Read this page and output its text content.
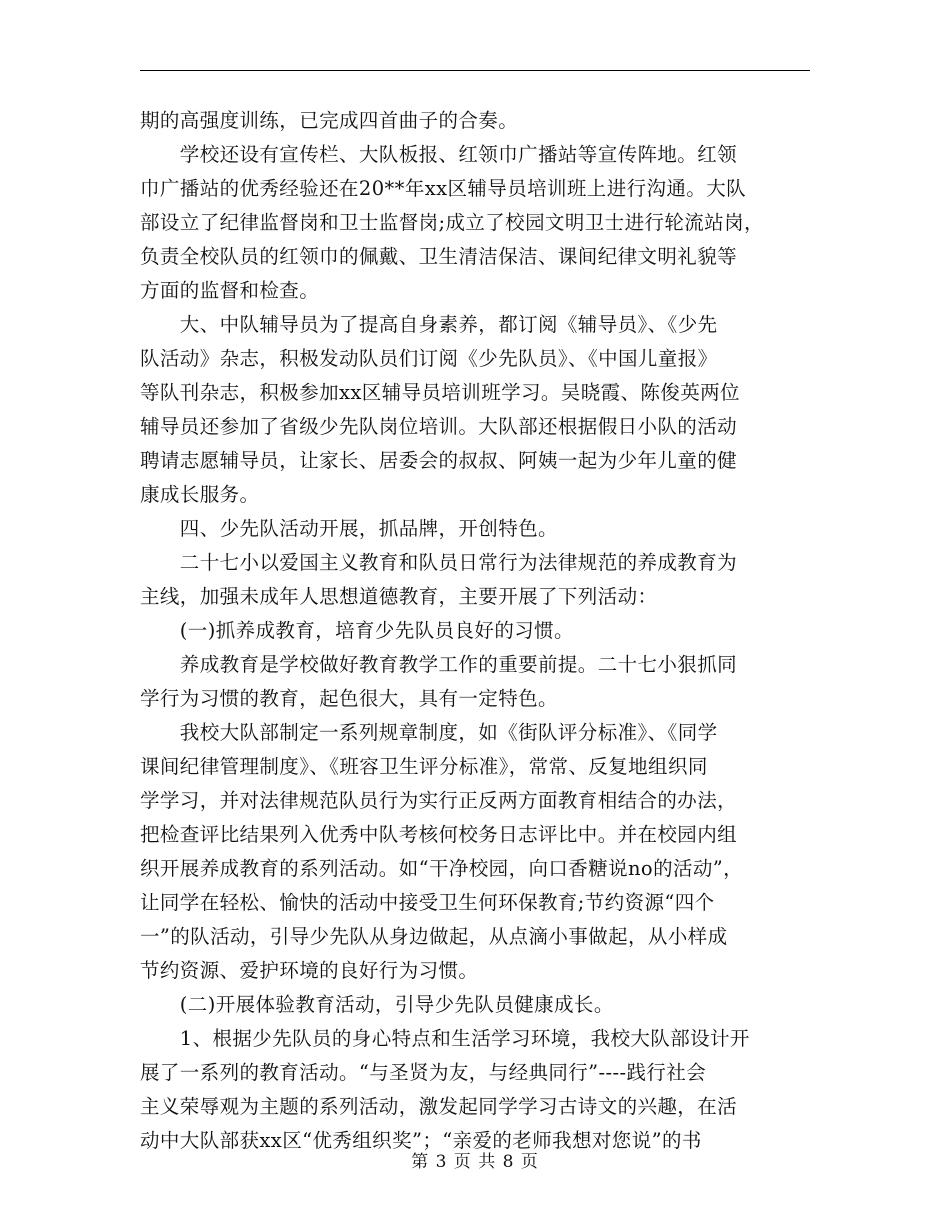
期的高强度训练，已完成四首曲子的合奏。
　　学校还设有宣传栏、大队板报、红领巾广播站等宣传阵地。红领
巾广播站的优秀经验还在20**年xx区辅导员培训班上进行沟通。大队
部设立了纪律监督岗和卫士监督岗;成立了校园文明卫士进行轮流站岗，
负责全校队员的红领巾的佩戴、卫生清洁保洁、课间纪律文明礼貌等
方面的监督和检查。
　　大、中队辅导员为了提高自身素养，都订阅《辅导员》、《少先
队活动》杂志，积极发动队员们订阅《少先队员》、《中国儿童报》
等队刊杂志，积极参加xx区辅导员培训班学习。吴晓霞、陈俊英两位
辅导员还参加了省级少先队岗位培训。大队部还根据假日小队的活动
聘请志愿辅导员，让家长、居委会的叔叔、阿姨一起为少年儿童的健
康成长服务。
　　四、少先队活动开展，抓品牌，开创特色。
　　二十七小以爱国主义教育和队员日常行为法律规范的养成教育为
主线，加强未成年人思想道德教育，主要开展了下列活动：
　　(一)抓养成教育，培育少先队员良好的习惯。
　　养成教育是学校做好教育教学工作的重要前提。二十七小狠抓同
学行为习惯的教育，起色很大，具有一定特色。
　　我校大队部制定一系列规章制度，如《街队评分标准》、《同学
课间纪律管理制度》、《班容卫生评分标准》，常常、反复地组织同
学学习，并对法律规范队员行为实行正反两方面教育相结合的办法，
把检查评比结果列入优秀中队考核何校务日志评比中。并在校园内组
织开展养成教育的系列活动。如“干净校园，向口香糖说no的活动”，
让同学在轻松、愉快的活动中接受卫生何环保教育;节约资源“四个
一”的队活动，引导少先队从身边做起，从点滴小事做起，从小样成
节约资源、爱护环境的良好行为习惯。
　　(二)开展体验教育活动，引导少先队员健康成长。
　　1、根据少先队员的身心特点和生活学习环境，我校大队部设计开
展了一系列的教育活动。“与圣贤为友，与经典同行”----践行社会
主义荣辱观为主题的系列活动，激发起同学学习古诗文的兴趣，在活
动中大队部获xx区“优秀组织奖”；“亲爱的老师我想对您说”的书
第 3 页 共 8 页
